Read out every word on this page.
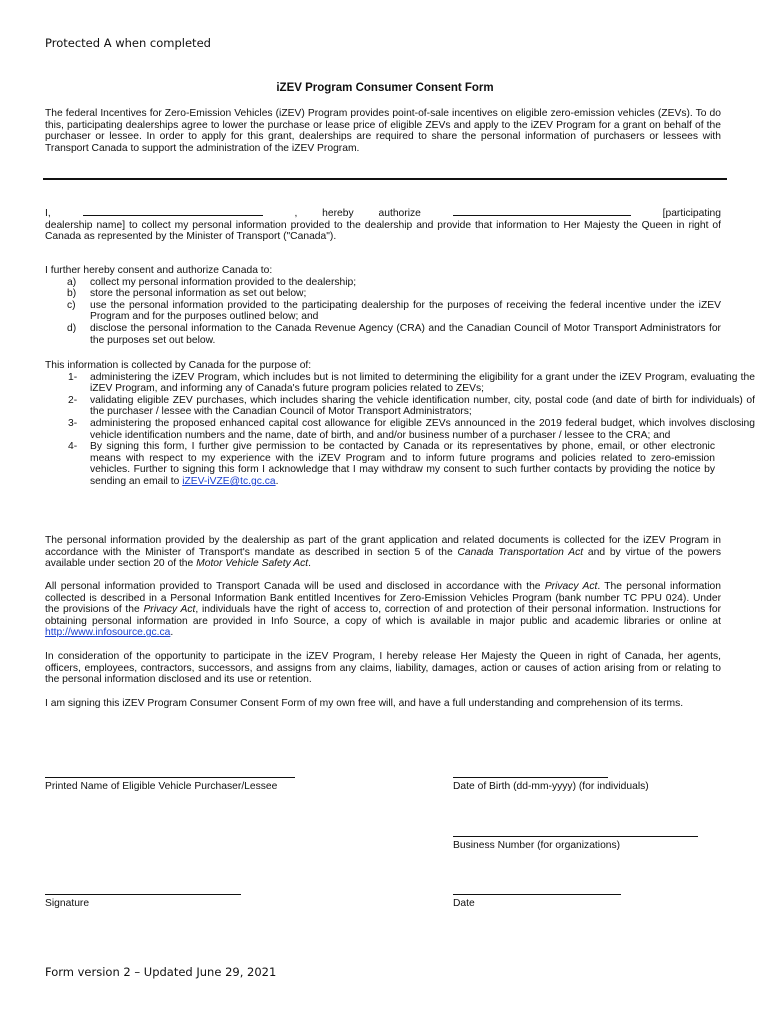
Protected A when completed
iZEV Program Consumer Consent Form
The federal Incentives for Zero-Emission Vehicles (iZEV) Program provides point-of-sale incentives on eligible zero-emission vehicles (ZEVs). To do this, participating dealerships agree to lower the purchase or lease price of eligible ZEVs and apply to the iZEV Program for a grant on behalf of the purchaser or lessee. In order to apply for this grant, dealerships are required to share the personal information of purchasers or lessees with Transport Canada to support the administration of the iZEV Program.
I,	, hereby authorize	[participating
dealership name] to collect my personal information provided to the dealership and provide that information to Her Majesty the Queen in right of Canada as represented by the Minister of Transport ("Canada").
I further hereby consent and authorize Canada to:
a) collect my personal information provided to the dealership;
b) store the personal information as set out below;
c) use the personal information provided to the participating dealership for the purposes of receiving the federal incentive under the iZEV Program and for the purposes outlined below; and
d) disclose the personal information to the Canada Revenue Agency (CRA) and the Canadian Council of Motor Transport Administrators for the purposes set out below.
This information is collected by Canada for the purpose of:
1- administering the iZEV Program, which includes but is not limited to determining the eligibility for a grant under the iZEV Program, evaluating the iZEV Program, and informing any of Canada's future program policies related to ZEVs;
2- validating eligible ZEV purchases, which includes sharing the vehicle identification number, city, postal code (and date of birth for individuals) of the purchaser / lessee with the Canadian Council of Motor Transport Administrators;
3- administering the proposed enhanced capital cost allowance for eligible ZEVs announced in the 2019 federal budget, which involves disclosing vehicle identification numbers and the name, date of birth, and and/or business number of a purchaser / lessee to the CRA; and
4- By signing this form, I further give permission to be contacted by Canada or its representatives by phone, email, or other electronic means with respect to my experience with the iZEV Program and to inform future programs and policies related to zero-emission vehicles. Further to signing this form I acknowledge that I may withdraw my consent to such further contacts by providing the notice by sending an email to iZEV-iVZE@tc.gc.ca.
The personal information provided by the dealership as part of the grant application and related documents is collected for the iZEV Program in accordance with the Minister of Transport's mandate as described in section 5 of the Canada Transportation Act and by virtue of the powers available under section 20 of the Motor Vehicle Safety Act.
All personal information provided to Transport Canada will be used and disclosed in accordance with the Privacy Act. The personal information collected is described in a Personal Information Bank entitled Incentives for Zero-Emission Vehicles Program (bank number TC PPU 024). Under the provisions of the Privacy Act, individuals have the right of access to, correction of and protection of their personal information. Instructions for obtaining personal information are provided in Info Source, a copy of which is available in major public and academic libraries or online at http://www.infosource.gc.ca.
In consideration of the opportunity to participate in the iZEV Program, I hereby release Her Majesty the Queen in right of Canada, her agents, officers, employees, contractors, successors, and assigns from any claims, liability, damages, action or causes of action arising from or relating to the personal information disclosed and its use or retention.
I am signing this iZEV Program Consumer Consent Form of my own free will, and have a full understanding and comprehension of its terms.
Printed Name of Eligible Vehicle Purchaser/Lessee	Date of Birth (dd-mm-yyyy) (for individuals)
Business Number (for organizations)
Signature	Date
Form version 2 – Updated June 29, 2021
